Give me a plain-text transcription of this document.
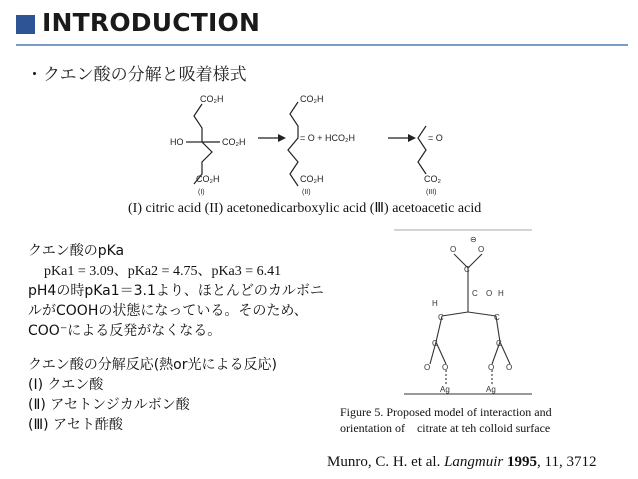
INTRODUCTION
・クエン酸の分解と吸着様式
CO₂H
HO	CO₂H
CO₂H
(I)
CO₂H
= O + HCO₂H
CO₂H
(II)
= O
CO₂
(III)
(I) citric acid (II) acetonedicarboxylic acid (Ⅲ) acetoacetic acid
クエン酸のpKa
pKa1 = 3.09、pKa2 = 4.75、pKa3 = 6.41
pH4の時pKa1＝3.1より、ほとんどのカルボニ
ルがCOOHの状態になっている。そのため、
COO⁻による反発がなくなる。
クエン酸の分解反応(熱or光による反応)
(Ⅰ) クエン酸
(Ⅱ) アセトンジカルボン酸
(Ⅲ) アセト酢酸
O	O
⊖
C
C O H
H
C	C
C	C
O O	O O
Ag	Ag
Figure 5. Proposed model of interaction and
orientation of    citrate at teh colloid surface
Munro, C. H. et al. Langmuir 1995, 11, 3712
